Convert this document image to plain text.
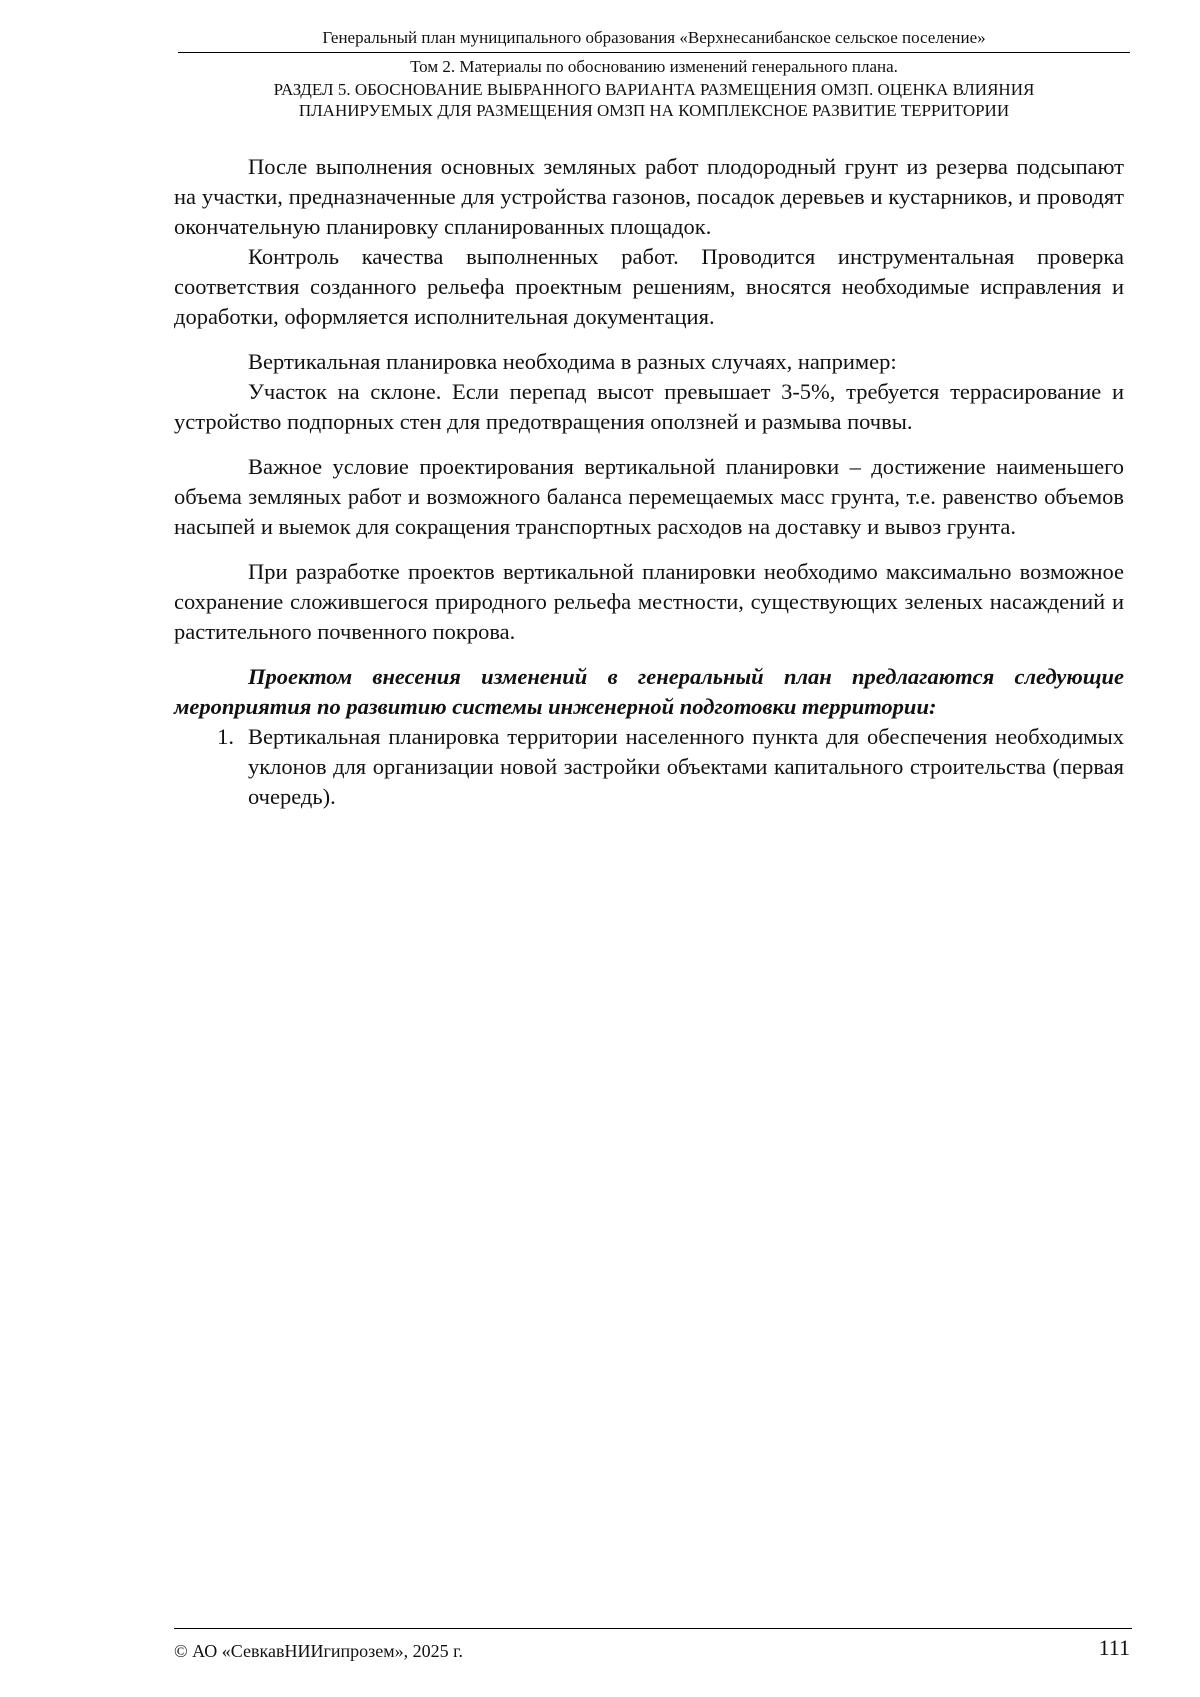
Генеральный план муниципального образования «Верхнесанибанское сельское поселение»
Том 2. Материалы по обоснованию изменений генерального плана.
РАЗДЕЛ 5. ОБОСНОВАНИЕ ВЫБРАННОГО ВАРИАНТА РАЗМЕЩЕНИЯ ОМЗП. ОЦЕНКА ВЛИЯНИЯ
ПЛАНИРУЕМЫХ ДЛЯ РАЗМЕЩЕНИЯ ОМЗП НА КОМПЛЕКСНОЕ РАЗВИТИЕ ТЕРРИТОРИИ

После выполнения основных земляных работ плодородный грунт из резерва подсыпают на участки, предназначенные для устройства газонов, посадок деревьев и кустарников, и проводят окончательную планировку спланированных площадок.

Контроль качества выполненных работ. Проводится инструментальная проверка соответствия созданного рельефа проектным решениям, вносятся необходимые исправления и доработки, оформляется исполнительная документация.

Вертикальная планировка необходима в разных случаях, например:

Участок на склоне. Если перепад высот превышает 3-5%, требуется террасирование и устройство подпорных стен для предотвращения оползней и размыва почвы.

Важное условие проектирования вертикальной планировки – достижение наименьшего объема земляных работ и возможного баланса перемещаемых масс грунта, т.е. равенство объемов насыпей и выемок для сокращения транспортных расходов на доставку и вывоз грунта.

При разработке проектов вертикальной планировки необходимо максимально возможное сохранение сложившегося природного рельефа местности, существующих зеленых насаждений и растительного почвенного покрова.

Проектом внесения изменений в генеральный план предлагаются следующие мероприятия по развитию системы инженерной подготовки территории:

1. Вертикальная планировка территории населенного пункта для обеспечения необходимых уклонов для организации новой застройки объектами капитального строительства (первая очередь).
© АО «СевкавНИИгипрозем», 2025 г.	111
